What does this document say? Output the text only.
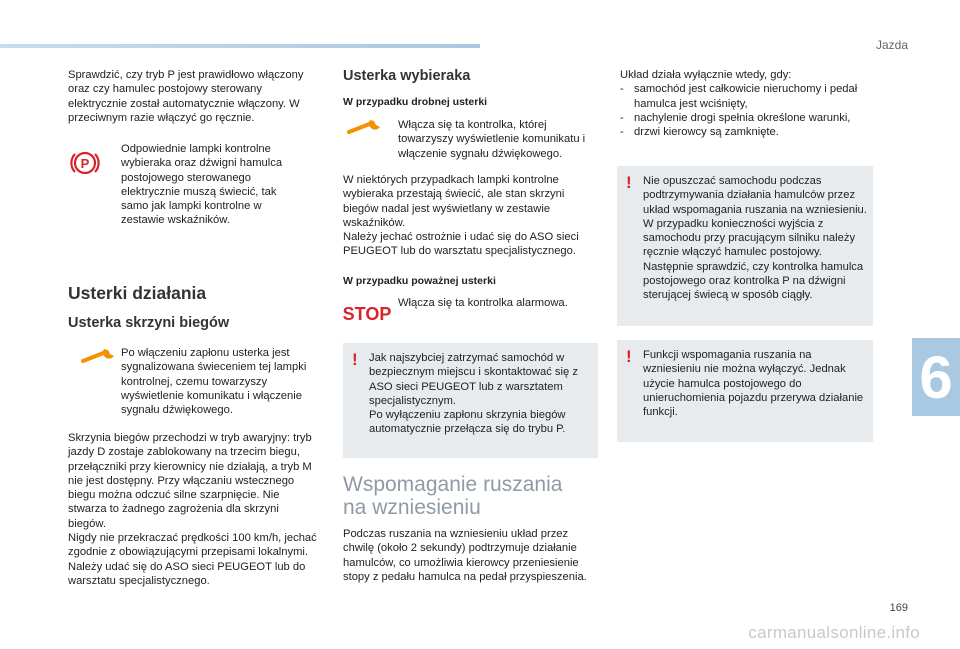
Jazda
6
169
carmanualsonline.info

Sprawdzić, czy tryb P jest prawidłowo włączony oraz czy hamulec postojowy sterowany elektrycznie został automatycznie włączony. W przeciwnym razie włączyć go ręcznie.

P

Odpowiednie lampki kontrolne wybieraka oraz dźwigni hamulca postojowego sterowanego elektrycznie muszą świecić, tak samo jak lampki kontrolne w zestawie wskaźników.

Usterki działania
Usterka skrzyni biegów

Po włączeniu zapłonu usterka jest sygnalizowana świeceniem tej lampki kontrolnej, czemu towarzyszy wyświetlenie komunikatu i włączenie sygnału dźwiękowego.

Skrzynia biegów przechodzi w tryb awaryjny: tryb jazdy D zostaje zablokowany na trzecim biegu, przełączniki przy kierownicy nie działają, a tryb M nie jest dostępny. Przy włączaniu wstecznego biegu można odczuć silne szarpnięcie. Nie stwarza to żadnego zagrożenia dla skrzyni biegów.

Nigdy nie przekraczać prędkości 100 km/h, jechać zgodnie z obowiązującymi przepisami lokalnymi.

Należy udać się do ASO sieci PEUGEOT lub do warsztatu specjalistycznego.

Usterka wybieraka
W przypadku drobnej usterki

Włącza się ta kontrolka, której towarzyszy wyświetlenie komunikatu i włączenie sygnału dźwiękowego.

W niektórych przypadkach lampki kontrolne wybieraka przestają świecić, ale stan skrzyni biegów nadal jest wyświetlany w zestawie wskaźników.

Należy jechać ostrożnie i udać się do ASO sieci PEUGEOT lub do warsztatu specjalistycznego.

W przypadku poważnej usterki
STOP

Włącza się ta kontrolka alarmowa.

! Jak najszybciej zatrzymać samochód w bezpiecznym miejscu i skontaktować się z ASO sieci PEUGEOT lub z warsztatem specjalistycznym.

Po wyłączeniu zapłonu skrzynia biegów automatycznie przełącza się do trybu P.

Wspomaganie ruszania
na wzniesieniu

Podczas ruszania na wzniesieniu układ przez chwilę (około 2 sekundy) podtrzymuje działanie hamulców, co umożliwia kierowcy przeniesienie stopy z pedału hamulca na pedał przyspieszenia.

Układ działa wyłącznie wtedy, gdy:

- samochód jest całkowicie nieruchomy i pedał hamulca jest wciśnięty,

- nachylenie drogi spełnia określone warunki,

- drzwi kierowcy są zamknięte.

! Nie opuszczać samochodu podczas podtrzymywania działania hamulców przez układ wspomagania ruszania na wzniesieniu.

W przypadku konieczności wyjścia z samochodu przy pracującym silniku należy ręcznie włączyć hamulec postojowy. Następnie sprawdzić, czy kontrolka hamulca postojowego oraz kontrolka P na dźwigni sterującej świecą w sposób ciągły.

! Funkcji wspomagania ruszania na wzniesieniu nie można wyłączyć. Jednak użycie hamulca postojowego do unieruchomienia pojazdu przerywa działanie funkcji.
